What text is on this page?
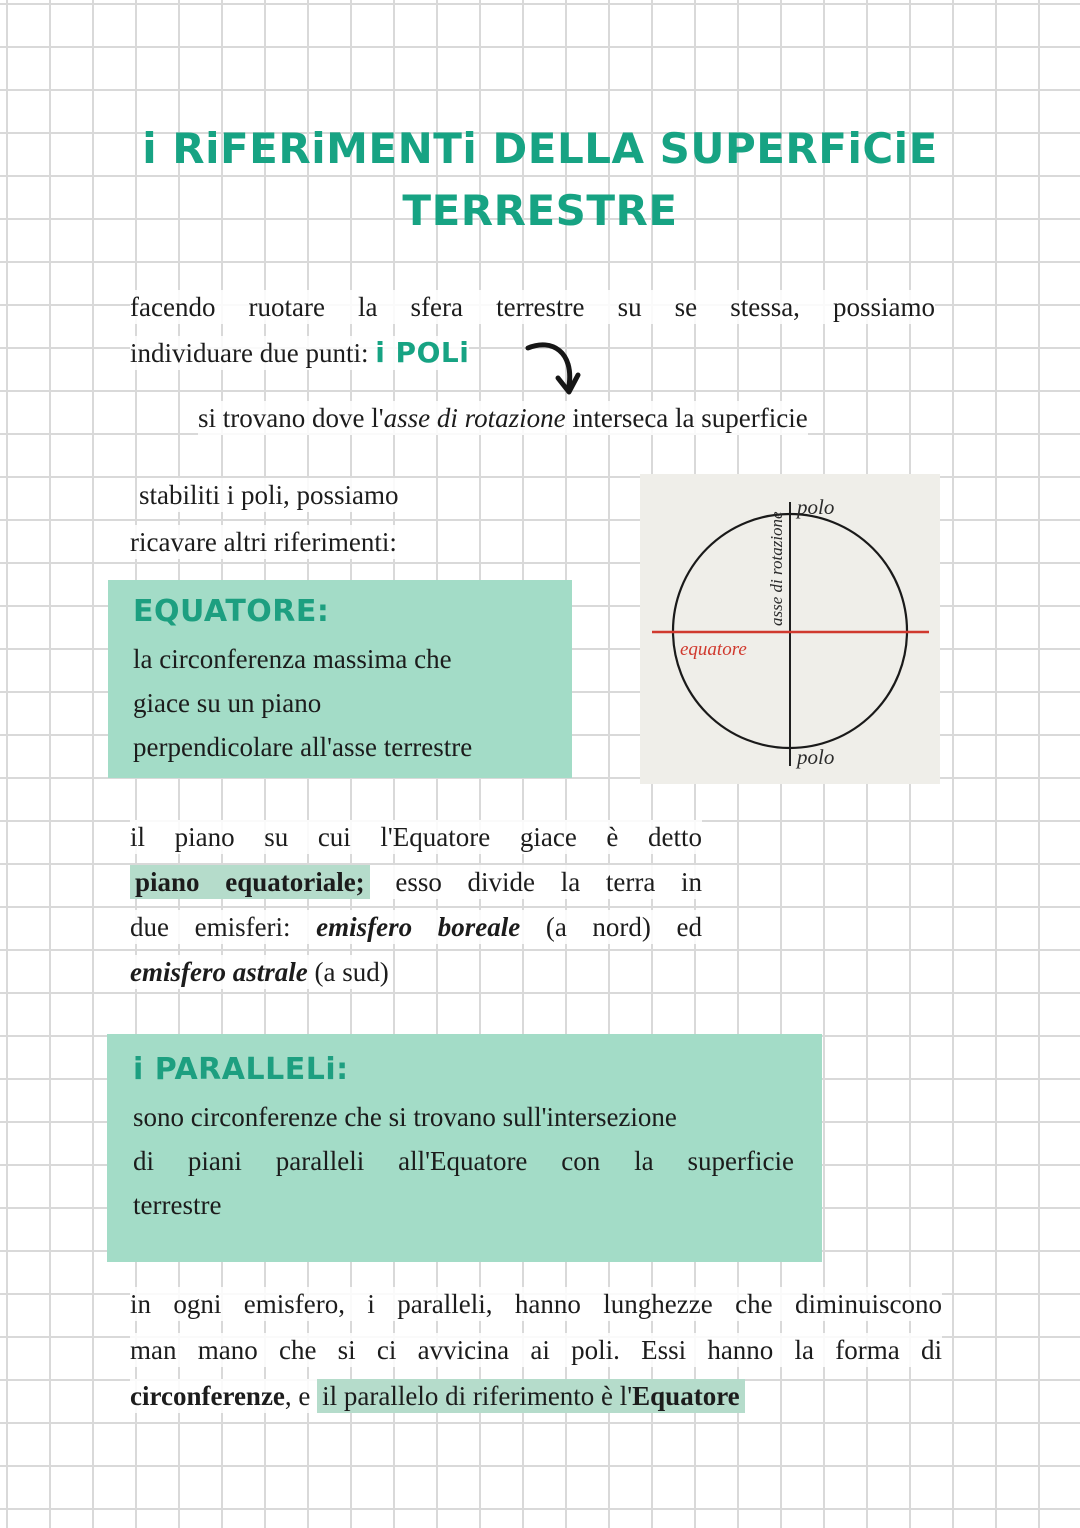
i RiFERiMENTi DELLA SUPERFiCiE
TERRESTRE
facendo ruotare la sfera terrestre su se stessa, possiamo
individuare due punti: i POLi
si trovano dove l'asse di rotazione interseca la superficie
stabiliti i poli, possiamo
ricavare altri riferimenti:
EQUATORE:
la circonferenza massima che
giace su un piano
perpendicolare all'asse terrestre
polo
polo
asse di rotazione
equatore
il piano su cui l'Equatore giace è detto
piano equatoriale; esso divide la terra in
due emisferi: emisfero boreale (a nord) ed
emisfero astrale (a sud)
i PARALLELi:
sono circonferenze che si trovano sull'intersezione
di piani paralleli all'Equatore con la superficie
terrestre
in ogni emisfero, i paralleli, hanno lunghezze che diminuiscono
man mano che si ci avvicina ai poli. Essi hanno la forma di
circonferenze, e il parallelo di riferimento è l'Equatore
